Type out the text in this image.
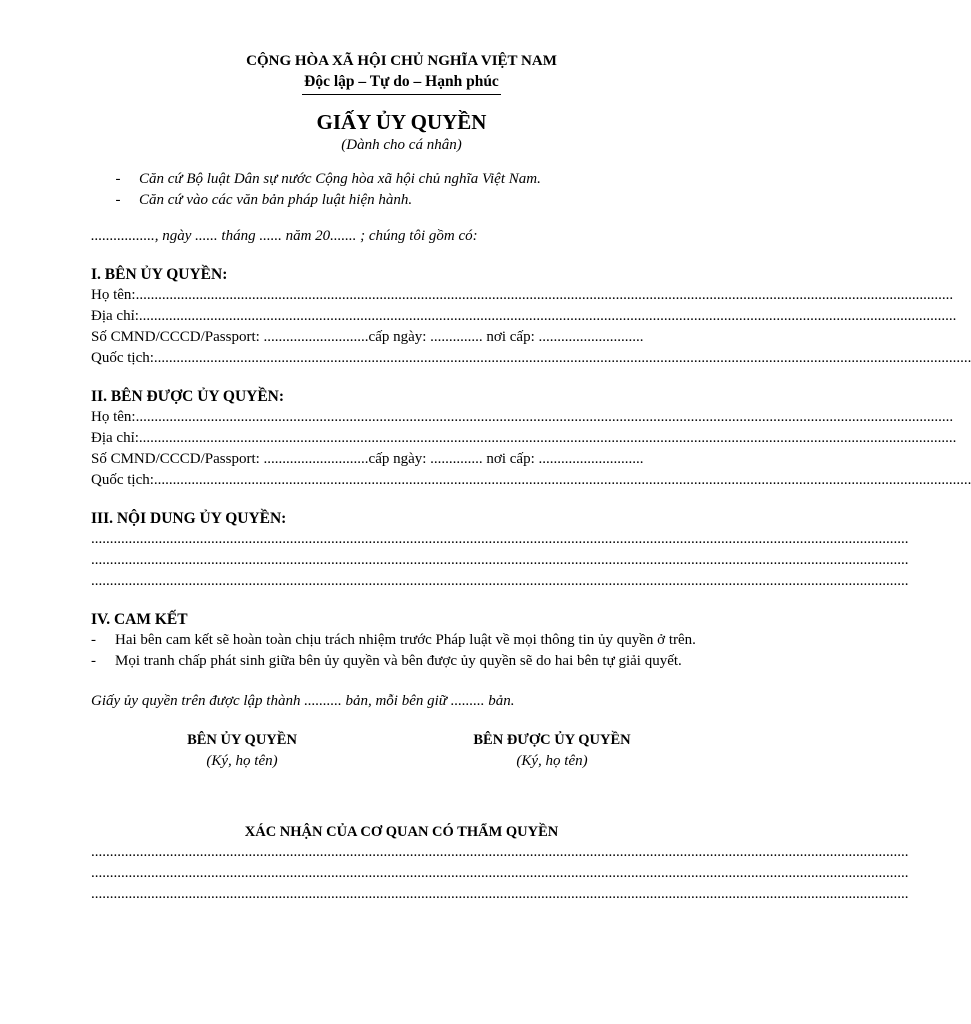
CỘNG HÒA XÃ HỘI CHỦ NGHĨA VIỆT NAM
Độc lập – Tự do – Hạnh phúc
GIẤY ỦY QUYỀN
(Dành cho cá nhân)
-	Căn cứ Bộ luật Dân sự nước Cộng hòa xã hội chủ nghĩa Việt Nam.
-	Căn cứ vào các văn bản pháp luật hiện hành.
................., ngày ...... tháng ...... năm 20....... ; chúng tôi gồm có:
I. BÊN ỦY QUYỀN:
Họ tên: ..........................................................................................................................................................................................................................
Địa chỉ: ..........................................................................................................................................................................................................................
Số CMND/CCCD/Passport: ............................cấp ngày: .............. nơi cấp: ............................
Quốc tịch: ..........................................................................................................................................................................................................................
II. BÊN ĐƯỢC ỦY QUYỀN:
Họ tên: ..........................................................................................................................................................................................................................
Địa chỉ: ..........................................................................................................................................................................................................................
Số CMND/CCCD/Passport: ............................cấp ngày: .............. nơi cấp: ............................
Quốc tịch: ..........................................................................................................................................................................................................................
III. NỘI DUNG ỦY QUYỀN:
..........................................................................................................................................................................................................................
..........................................................................................................................................................................................................................
..........................................................................................................................................................................................................................
IV. CAM KẾT
-	Hai bên cam kết sẽ hoàn toàn chịu trách nhiệm trước Pháp luật về mọi thông tin ủy quyền ở trên.
-	Mọi tranh chấp phát sinh giữa bên ủy quyền và bên được ủy quyền sẽ do hai bên tự giải quyết.
Giấy ủy quyền trên được lập thành .......... bản, mỗi bên giữ ......... bản.
BÊN ỦY QUYỀN
(Ký, họ tên)
BÊN ĐƯỢC ỦY QUYỀN
(Ký, họ tên)
XÁC NHẬN CỦA CƠ QUAN CÓ THẨM QUYỀN
..........................................................................................................................................................................................................................
..........................................................................................................................................................................................................................
..........................................................................................................................................................................................................................
